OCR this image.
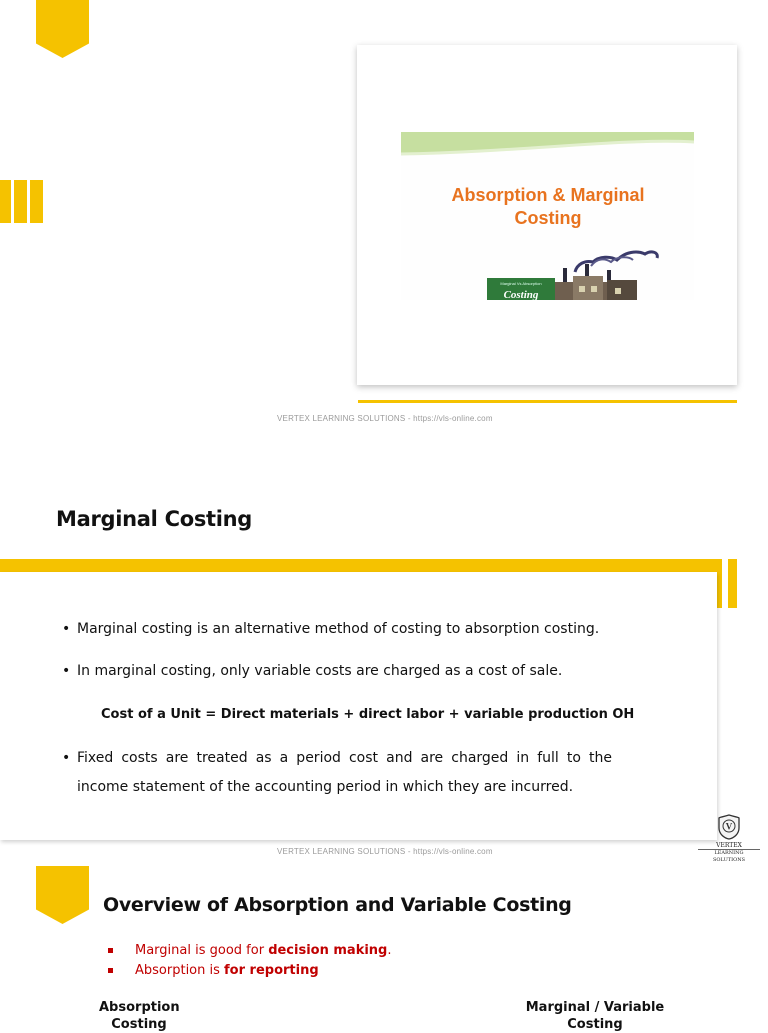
Absorption & Marginal
Costing
Marginal Vs Absorption
Costing
VERTEX LEARNING SOLUTIONS - https://vls-online.com
Marginal Costing
• Marginal costing is an alternative method of costing to absorption costing.
• In marginal costing, only variable costs are charged as a cost of sale.
Cost of a Unit = Direct materials + direct labor + variable production OH
• Fixed costs are treated as a period cost and are charged in full to the income statement of the accounting period in which they are incurred.
V
VERTEX
LEARNING SOLUTIONS
VERTEX LEARNING SOLUTIONS - https://vls-online.com
Overview of Absorption and Variable Costing
Marginal is good for decision making.
Absorption is for reporting
Absorption
Costing
Marginal / Variable
Costing
